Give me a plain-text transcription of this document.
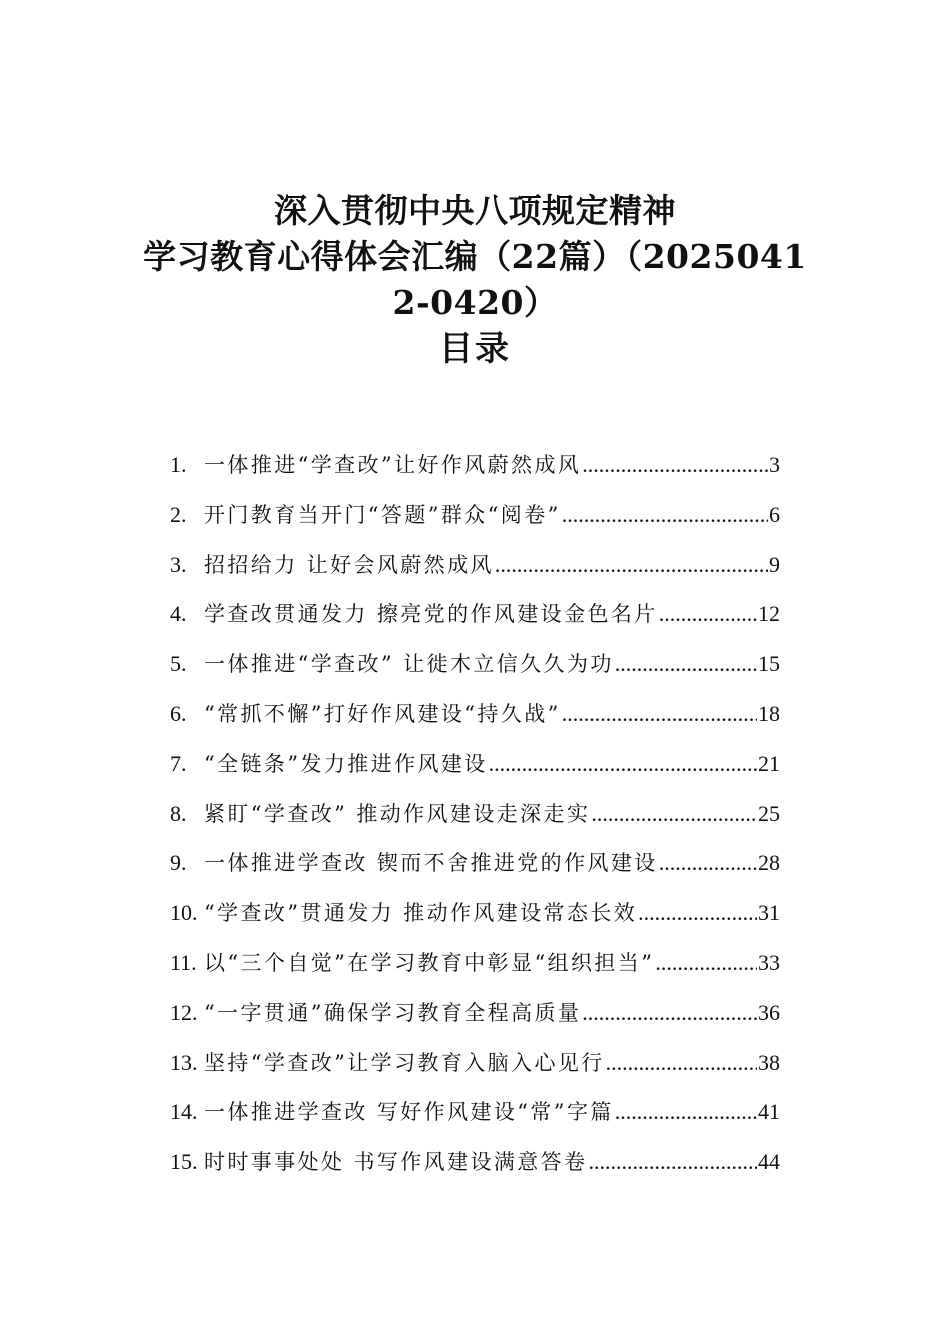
深入贯彻中央八项规定精神
学习教育心得体会汇编（22篇）（2025041
2-0420）
目录
1. 一体推进“学查改”让好作风蔚然成风 .....	3
2. 开门教育当开门“答题”群众“阅卷” .....	6
3. 招招给力 让好会风蔚然成风 .....	9
4. 学查改贯通发力 擦亮党的作风建设金色名片 .....	12
5. 一体推进“学查改” 让徙木立信久久为功 .....	15
6. “常抓不懈”打好作风建设“持久战” .....	18
7. “全链条”发力推进作风建设 .....	21
8. 紧盯“学查改” 推动作风建设走深走实 .....	25
9. 一体推进学查改 锲而不舍推进党的作风建设 .....	28
10. “学查改”贯通发力 推动作风建设常态长效 .....	31
11. 以“三个自觉”在学习教育中彰显“组织担当” .....	33
12. “一字贯通”确保学习教育全程高质量 .....	36
13. 坚持“学查改”让学习教育入脑入心见行 .....	38
14. 一体推进学查改 写好作风建设“常”字篇 .....	41
15. 时时事事处处 书写作风建设满意答卷 .....	44
